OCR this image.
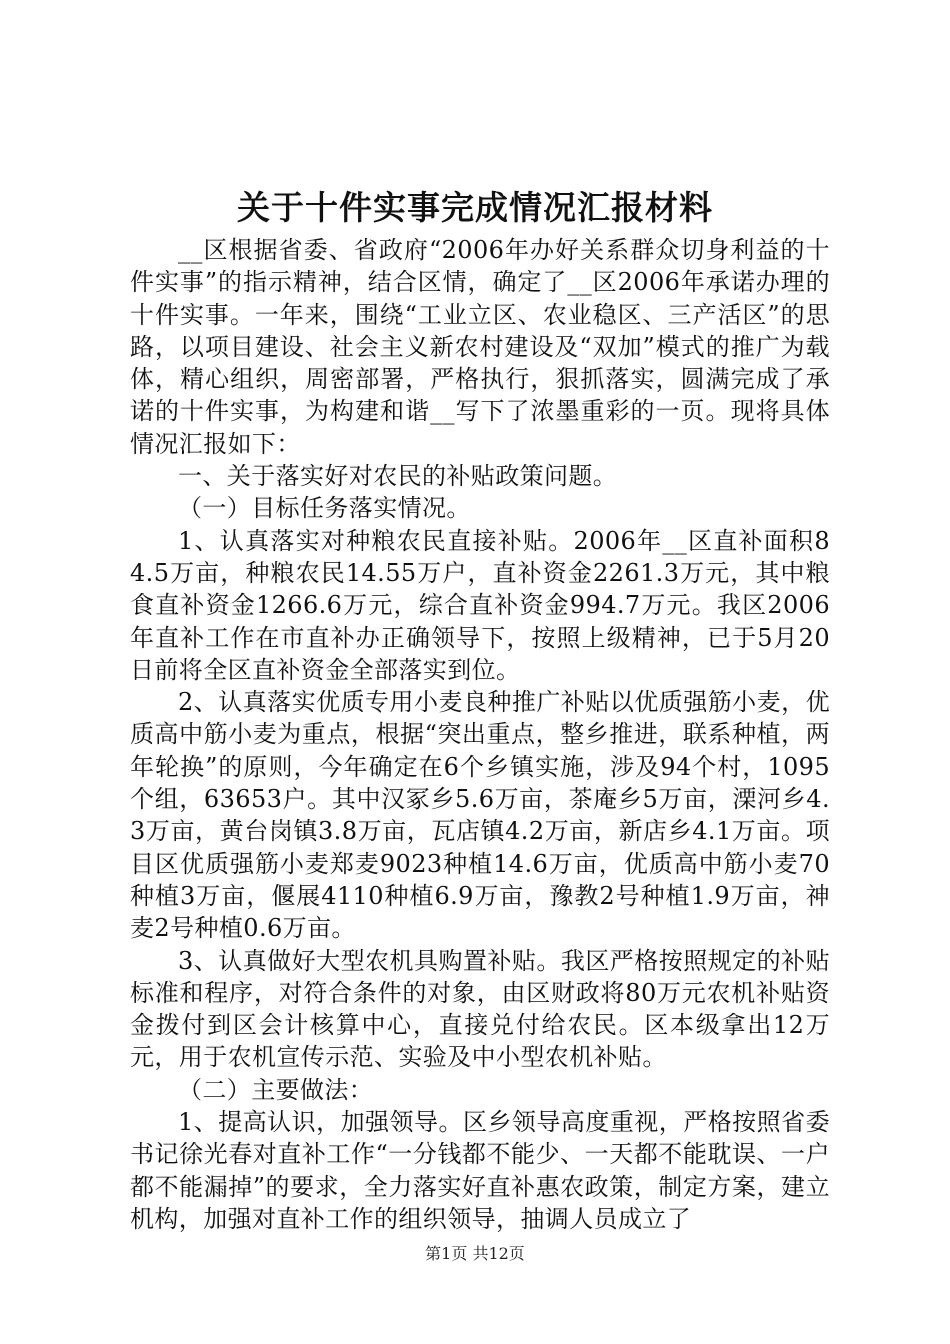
关于十件实事完成情况汇报材料

__区根据省委、省政府“2006年办好关系群众切身利益的十件实事”的指示精神，结合区情，确定了__区2006年承诺办理的十件实事。一年来，围绕“工业立区、农业稳区、三产活区”的思路，以项目建设、社会主义新农村建设及“双加”模式的推广为载体，精心组织，周密部署，严格执行，狠抓落实，圆满完成了承诺的十件实事，为构建和谐__写下了浓墨重彩的一页。现将具体情况汇报如下：

一、关于落实好对农民的补贴政策问题。

（一）目标任务落实情况。

1、认真落实对种粮农民直接补贴。2006年__区直补面积84.5万亩，种粮农民14.55万户，直补资金2261.3万元，其中粮食直补资金1266.6万元，综合直补资金994.7万元。我区2006年直补工作在市直补办正确领导下，按照上级精神，已于5月20日前将全区直补资金全部落实到位。

2、认真落实优质专用小麦良种推广补贴以优质强筋小麦，优质高中筋小麦为重点，根据“突出重点，整乡推进，联系种植，两年轮换”的原则，今年确定在6个乡镇实施，涉及94个村，1095个组，63653户。其中汉冢乡5.6万亩，茶庵乡5万亩，溧河乡4.3万亩，黄台岗镇3.8万亩，瓦店镇4.2万亩，新店乡4.1万亩。项目区优质强筋小麦郑麦9023种植14.6万亩，优质高中筋小麦70种植3万亩，偃展4110种植6.9万亩，豫教2号种植1.9万亩，神麦2号种植0.6万亩。

3、认真做好大型农机具购置补贴。我区严格按照规定的补贴标准和程序，对符合条件的对象，由区财政将80万元农机补贴资金拨付到区会计核算中心，直接兑付给农民。区本级拿出12万元，用于农机宣传示范、实验及中小型农机补贴。

（二）主要做法：

1、提高认识，加强领导。区乡领导高度重视，严格按照省委书记徐光春对直补工作“一分钱都不能少、一天都不能耽误、一户都不能漏掉”的要求，全力落实好直补惠农政策，制定方案，建立机构，加强对直补工作的组织领导，抽调人员成立了

第1页 共12页
